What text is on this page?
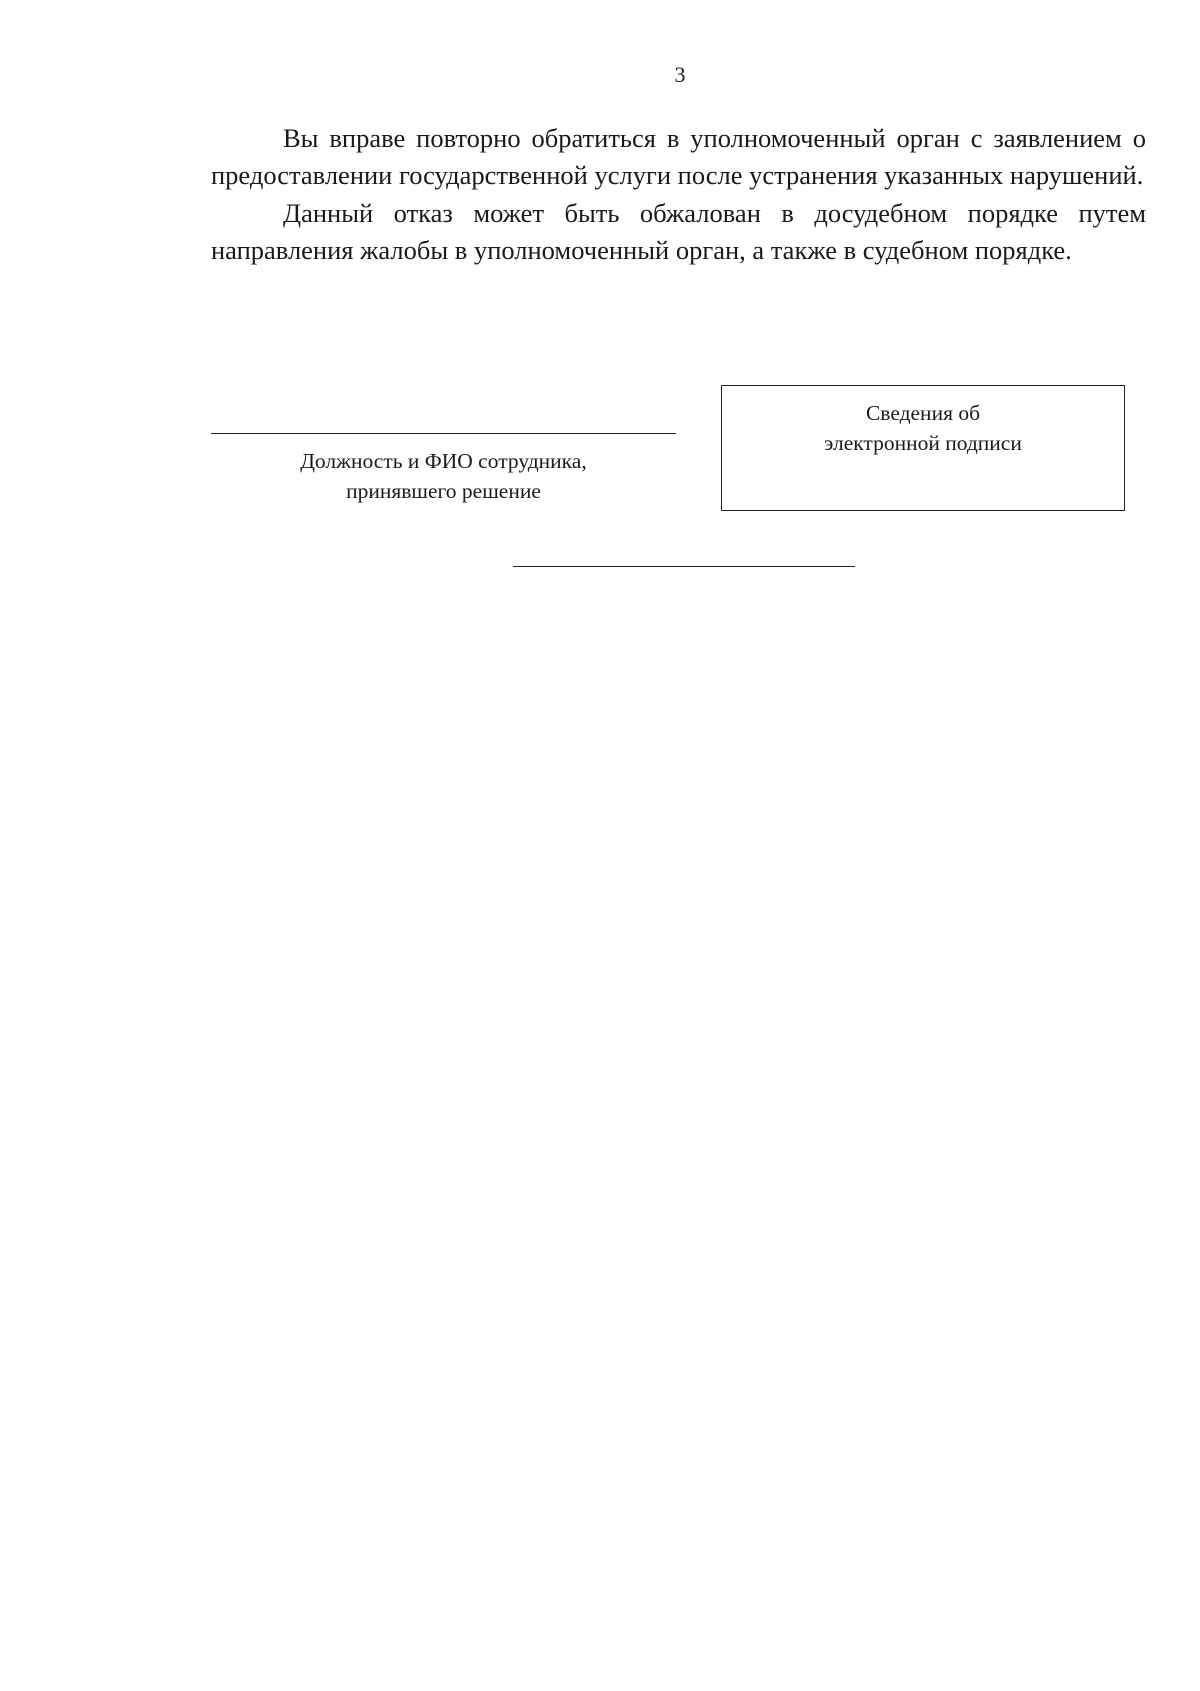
3

Вы вправе повторно обратиться в уполномоченный орган с заявлением о предоставлении государственной услуги после устранения указанных нарушений.

Данный отказ может быть обжалован в досудебном порядке путем направления жалобы в уполномоченный орган, а также в судебном порядке.

Должность и ФИО сотрудника,
принявшего решение
Сведения об
электронной подписи
